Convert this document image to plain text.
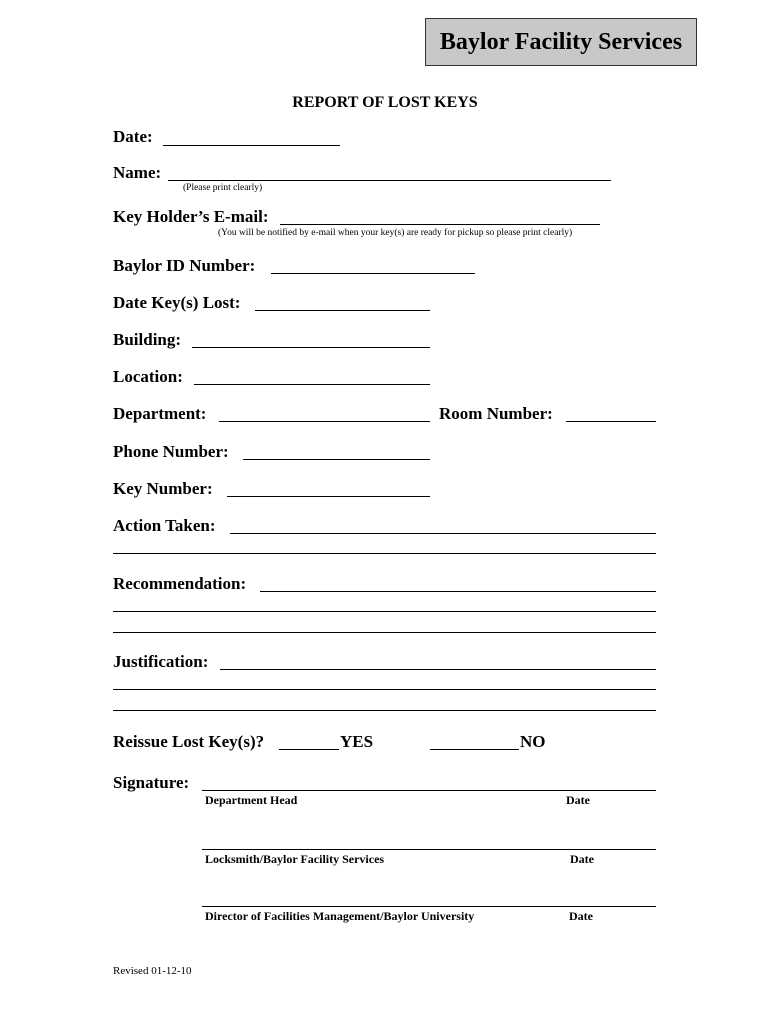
Baylor Facility Services
REPORT OF LOST KEYS
Date:
Name:
(Please print clearly)
Key Holder’s E-mail:
(You will be notified by e-mail when your key(s) are ready for pickup so please print clearly)
Baylor ID Number:
Date Key(s) Lost:
Building:
Location:
Department:	Room Number:
Phone Number:
Key Number:
Action Taken:
Recommendation:
Justification:
Reissue Lost Key(s)?	YES	NO
Signature:
Department Head	Date
Locksmith/Baylor Facility Services	Date
Director of Facilities Management/Baylor University	Date
Revised 01-12-10
